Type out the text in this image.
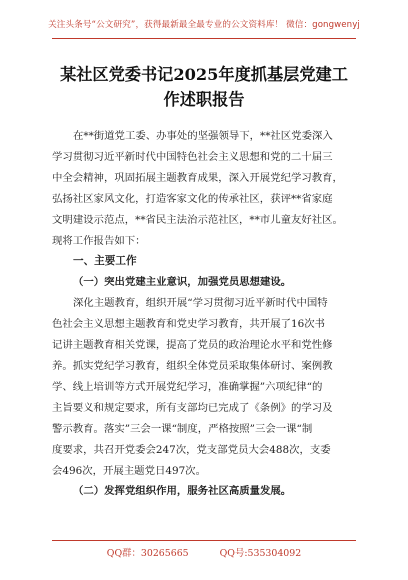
关注头条号“公文研究”，获得最新最全最专业的公文资料库！ 微信：gongwenyj
某社区党委书记2025年度抓基层党建工
作述职报告
在**街道党工委、办事处的坚强领导下，**社区党委深入
学习贯彻习近平新时代中国特色社会主义思想和党的二十届三
中全会精神，巩固拓展主题教育成果，深入开展党纪学习教育，
弘扬社区家风文化，打造客家文化的传承社区，获评**省家庭
文明建设示范点，**省民主法治示范社区，**市儿童友好社区。
现将工作报告如下：
一、主要工作
（一）突出党建主业意识，加强党员思想建设。
深化主题教育，组织开展“学习贯彻习近平新时代中国特
色社会主义思想主题教育和党史学习教育，共开展了16次书
记讲主题教育相关党课，提高了党员的政治理论水平和党性修
养。抓实党纪学习教育，组织全体党员采取集体研讨、案例教
学、线上培训等方式开展党纪学习，准确掌握”六项纪律“的
主旨要义和规定要求，所有支部均已完成了《条例》的学习及
警示教育。落实”三会一课“制度，严格按照”三会一课“制
度要求，共召开党委会247次，党支部党员大会488次，支委
会496次，开展主题党日497次。
（二）发挥党组织作用，服务社区高质量发展。
QQ群：30265665	QQ号:535304092
